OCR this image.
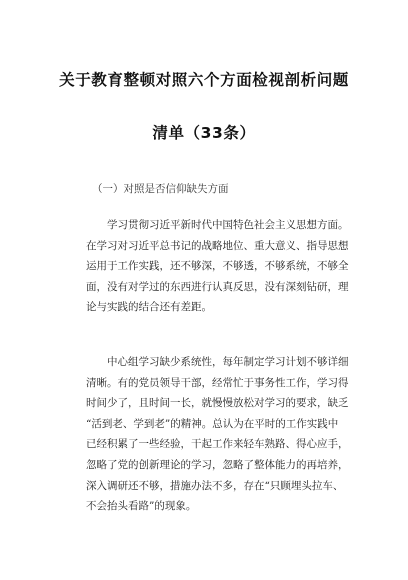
关于教育整顿对照六个方面检视剖析问题
清单（33条）
（一）对照是否信仰缺失方面
学习贯彻习近平新时代中国特色社会主义思想方面。
在学习对习近平总书记的战略地位、重大意义、指导思想
运用于工作实践，还不够深，不够透，不够系统，不够全
面，没有对学过的东西进行认真反思，没有深刻钻研，理
论与实践的结合还有差距。
中心组学习缺少系统性，每年制定学习计划不够详细
清晰。有的党员领导干部，经常忙于事务性工作，学习得
时间少了，且时间一长，就慢慢放松对学习的要求，缺乏
“活到老、学到老”的精神。总认为在平时的工作实践中
已经积累了一些经验，干起工作来轻车熟路、得心应手，
忽略了党的创新理论的学习，忽略了整体能力的再培养，
深入调研还不够，措施办法不多，存在“只顾埋头拉车、
不会抬头看路”的现象。
